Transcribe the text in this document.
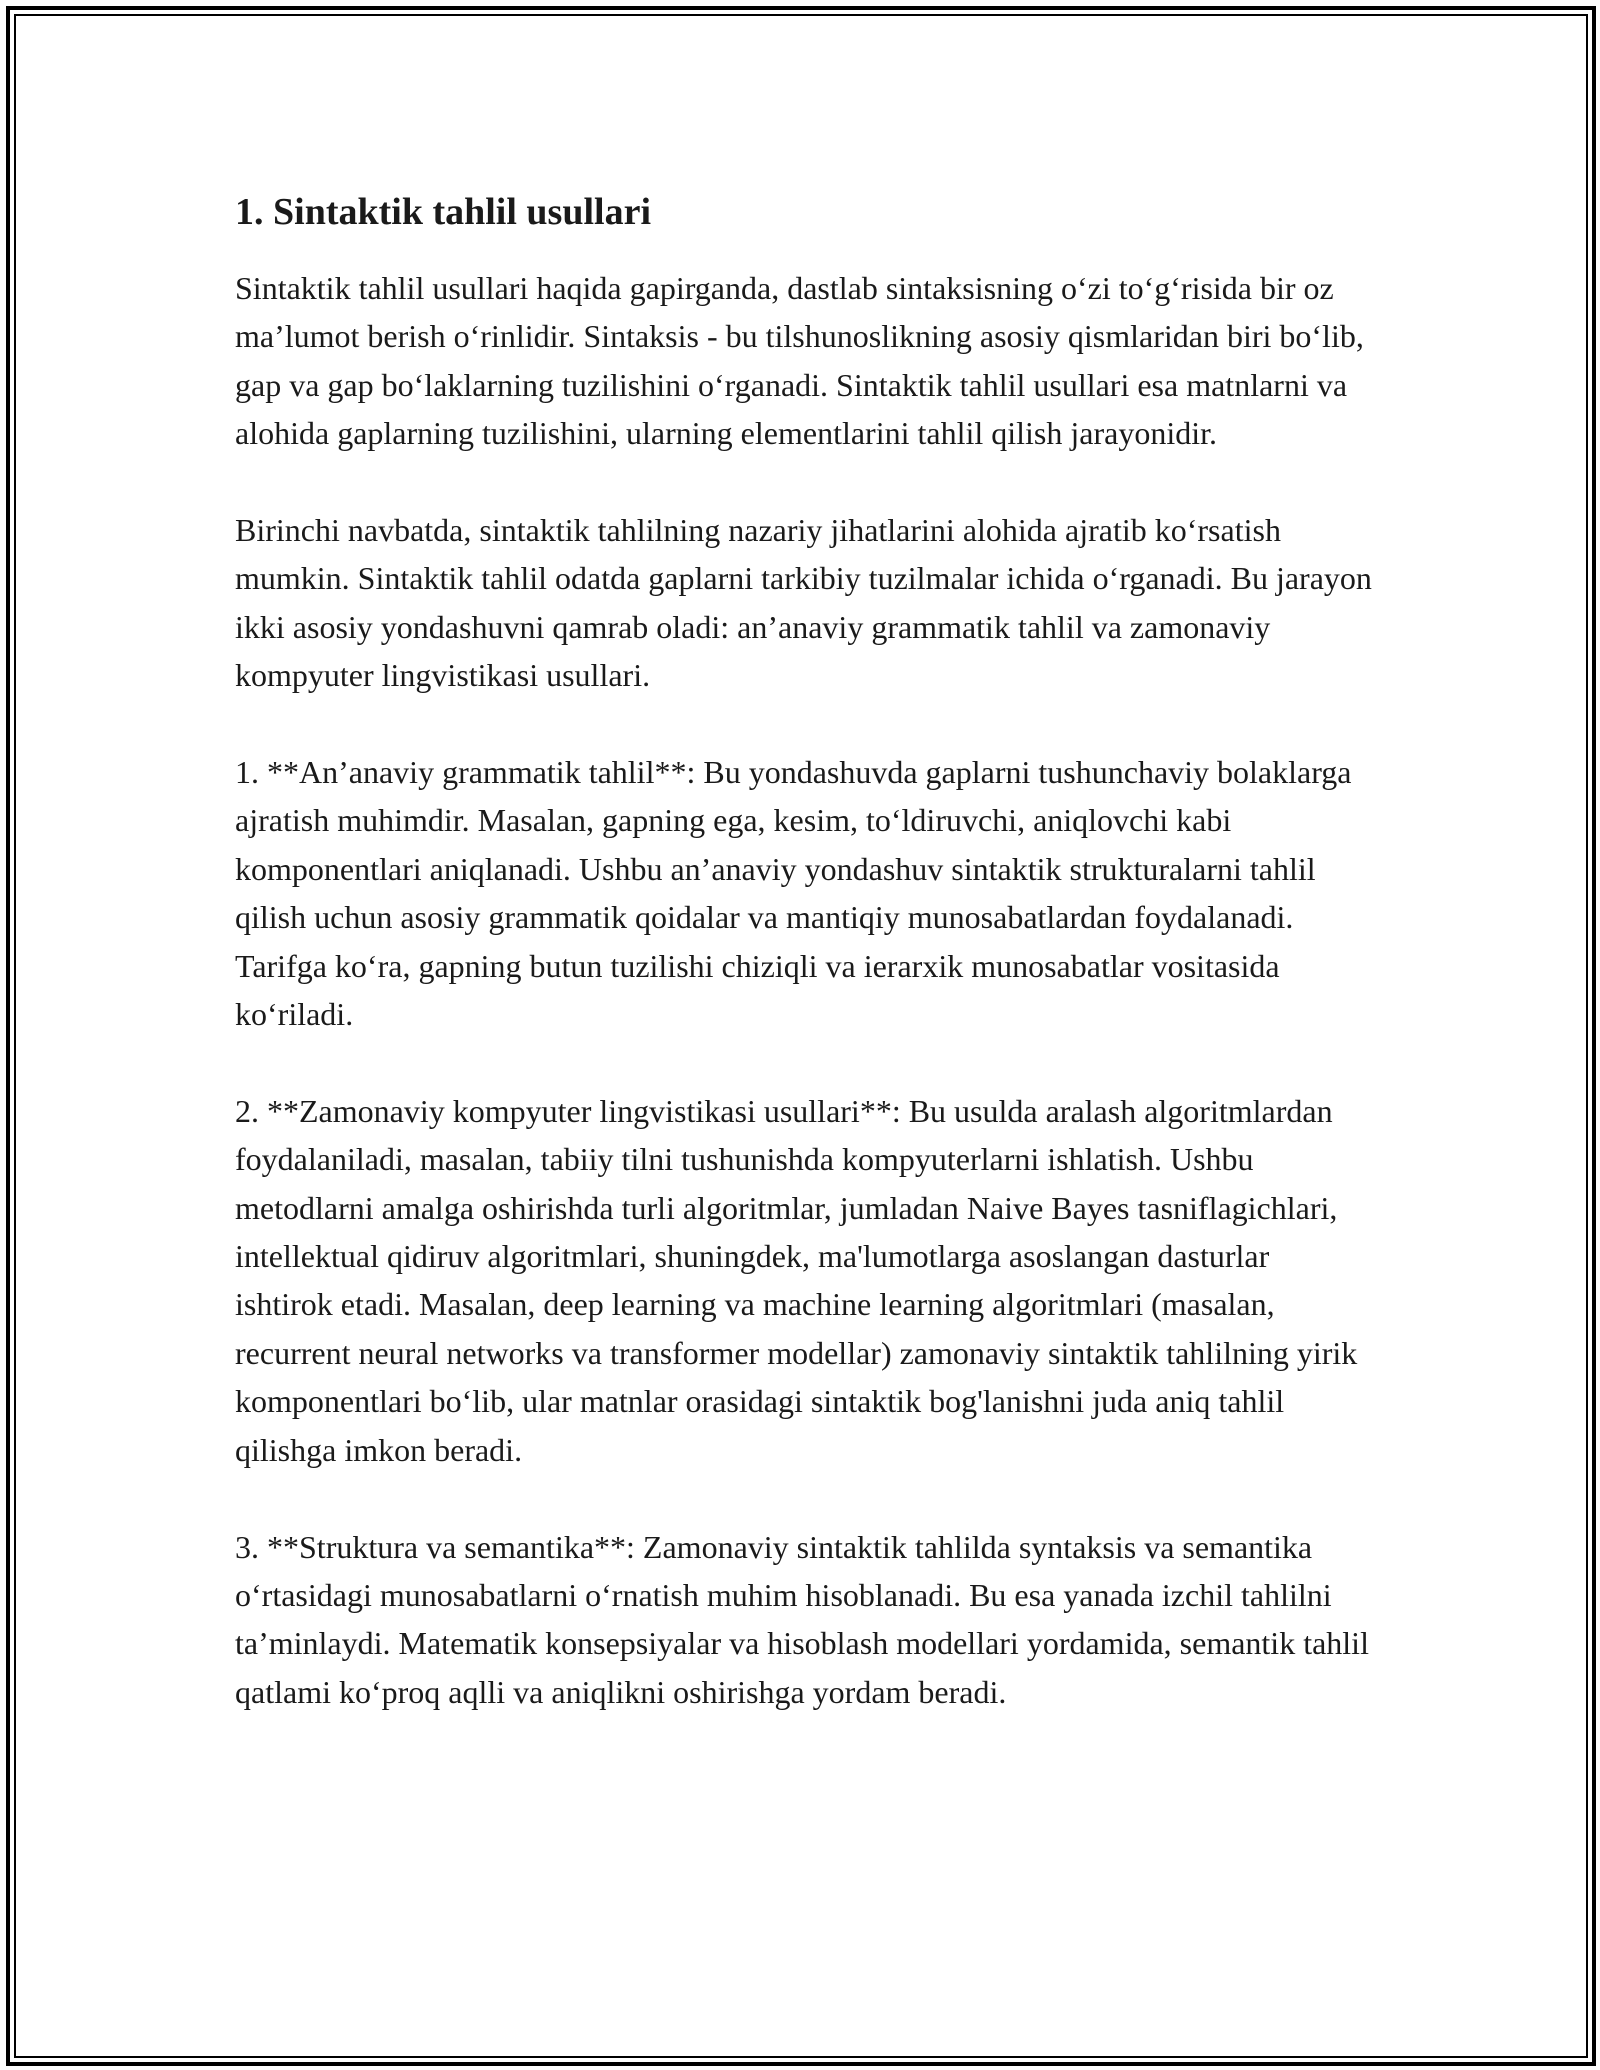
1. Sintaktik tahlil usullari

Sintaktik tahlil usullari haqida gapirganda, dastlab sintaksisning o‘zi to‘g‘risida bir oz ma’lumot berish o‘rinlidir. Sintaksis - bu tilshunoslikning asosiy qismlaridan biri bo‘lib, gap va gap bo‘laklarning tuzilishini o‘rganadi. Sintaktik tahlil usullari esa matnlarni va alohida gaplarning tuzilishini, ularning elementlarini tahlil qilish jarayonidir.

Birinchi navbatda, sintaktik tahlilning nazariy jihatlarini alohida ajratib ko‘rsatish mumkin. Sintaktik tahlil odatda gaplarni tarkibiy tuzilmalar ichida o‘rganadi. Bu jarayon ikki asosiy yondashuvni qamrab oladi: an’anaviy grammatik tahlil va zamonaviy kompyuter lingvistikasi usullari.

1. **An’anaviy grammatik tahlil**: Bu yondashuvda gaplarni tushunchaviy bolaklarga ajratish muhimdir. Masalan, gapning ega, kesim, to‘ldiruvchi, aniqlovchi kabi komponentlari aniqlanadi. Ushbu an’anaviy yondashuv sintaktik strukturalarni tahlil qilish uchun asosiy grammatik qoidalar va mantiqiy munosabatlardan foydalanadi. Tarifga ko‘ra, gapning butun tuzilishi chiziqli va ierarxik munosabatlar vositasida ko‘riladi.

2. **Zamonaviy kompyuter lingvistikasi usullari**: Bu usulda aralash algoritmlardan foydalaniladi, masalan, tabiiy tilni tushunishda kompyuterlarni ishlatish. Ushbu metodlarni amalga oshirishda turli algoritmlar, jumladan Naive Bayes tasniflagichlari, intellektual qidiruv algoritmlari, shuningdek, ma'lumotlarga asoslangan dasturlar ishtirok etadi. Masalan, deep learning va machine learning algoritmlari (masalan, recurrent neural networks va transformer modellar) zamonaviy sintaktik tahlilning yirik komponentlari bo‘lib, ular matnlar orasidagi sintaktik bog'lanishni juda aniq tahlil qilishga imkon beradi.

3. **Struktura va semantika**: Zamonaviy sintaktik tahlilda syntaksis va semantika o‘rtasidagi munosabatlarni o‘rnatish muhim hisoblanadi. Bu esa yanada izchil tahlilni ta’minlaydi. Matematik konsepsiyalar va hisoblash modellari yordamida, semantik tahlil qatlami ko‘proq aqlli va aniqlikni oshirishga yordam beradi.
